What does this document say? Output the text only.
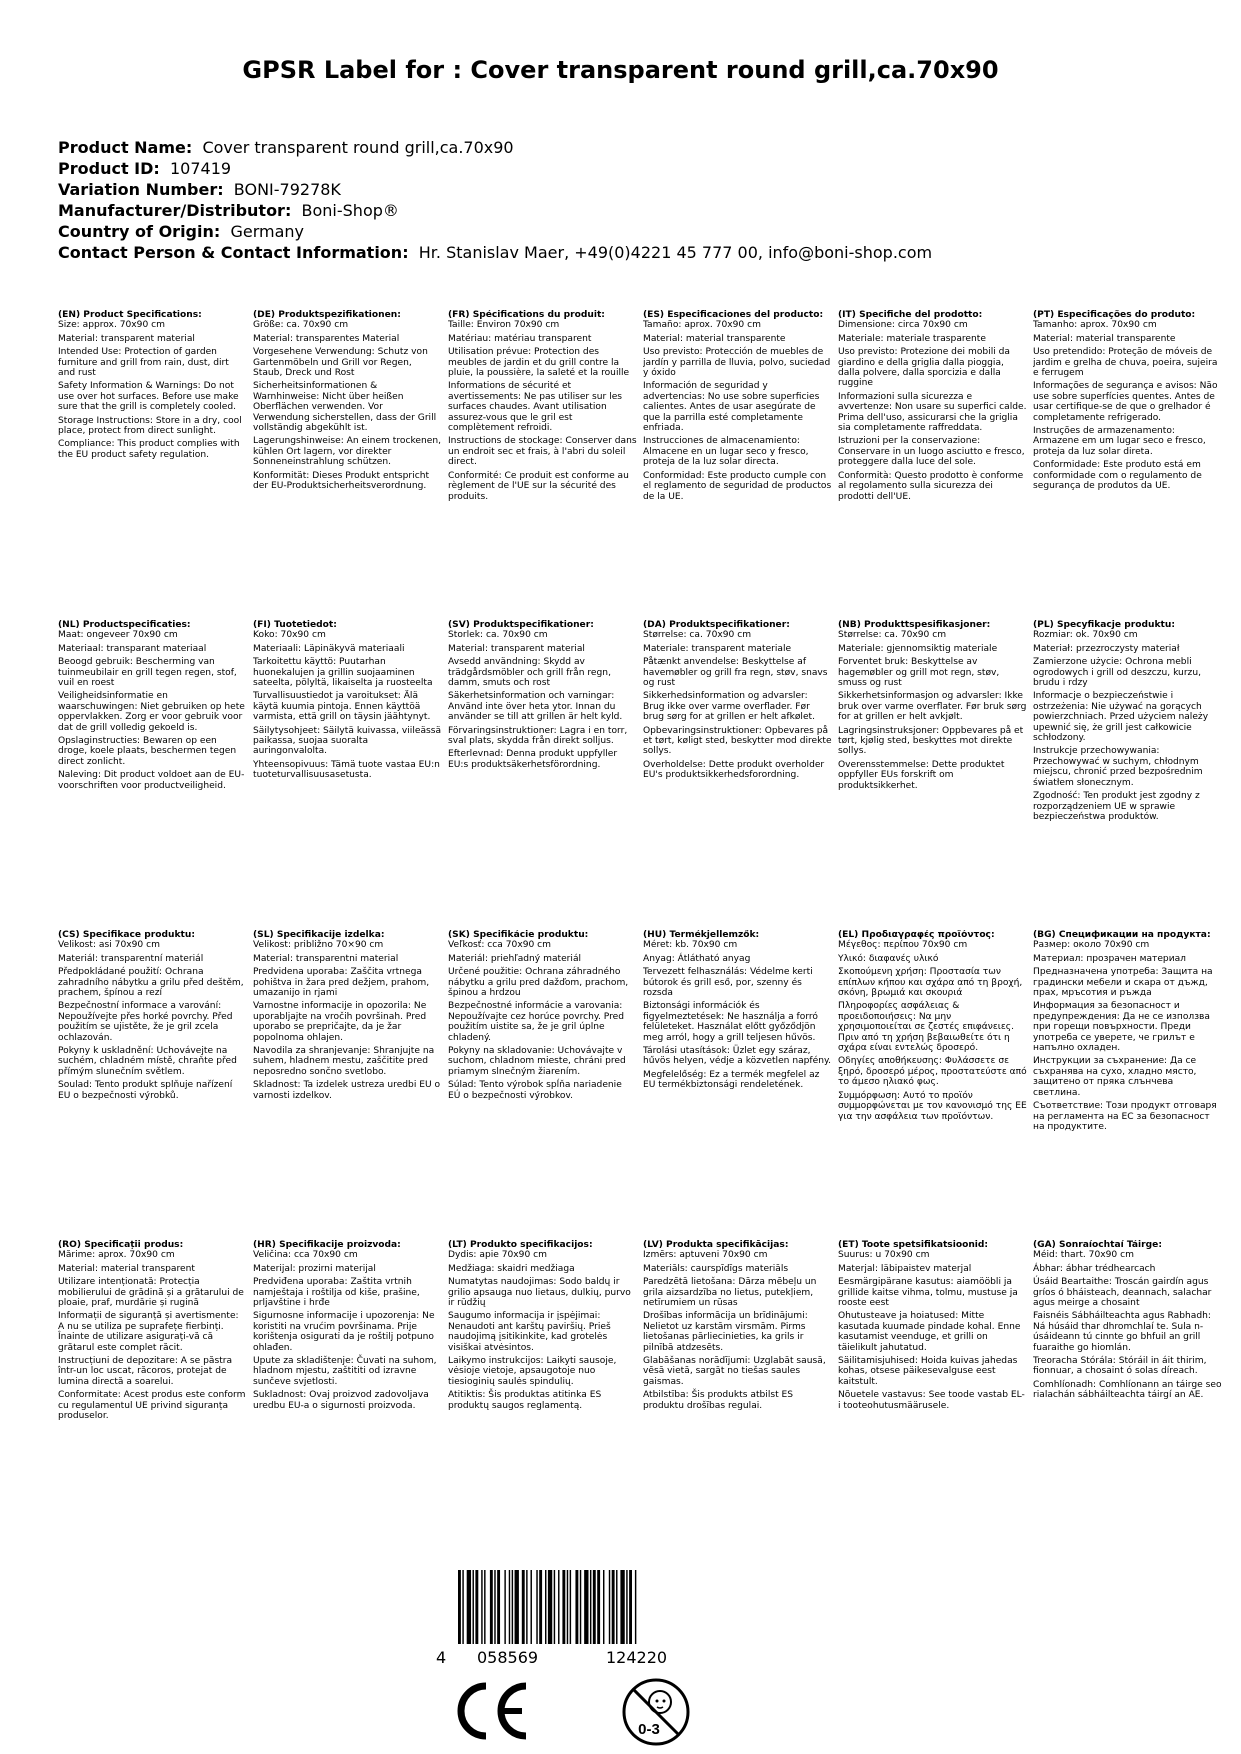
GPSR Label for : Cover transparent round grill,ca.70x90
Product Name: Cover transparent round grill,ca.70x90
Product ID: 107419
Variation Number: BONI-79278K
Manufacturer/Distributor: Boni-Shop®
Country of Origin: Germany
Contact Person & Contact Information: Hr. Stanislav Maer, +49(0)4221 45 777 00, info@boni-shop.com
(EN) Product Specifications:

Size: approx. 70x90 cm

Material: transparent material

Intended Use: Protection of garden furniture and grill from rain, dust, dirt and rust

Safety Information & Warnings: Do not use over hot surfaces. Before use make sure that the grill is completely cooled.

Storage Instructions: Store in a dry, cool place, protect from direct sunlight.

Compliance: This product complies with the EU product safety regulation.

(DE) Produktspezifikationen:

Größe: ca. 70x90 cm

Material: transparentes Material

Vorgesehene Verwendung: Schutz von Gartenmöbeln und Grill vor Regen, Staub, Dreck und Rost

Sicherheitsinformationen & Warnhinweise: Nicht über heißen Oberflächen verwenden. Vor Verwendung sicherstellen, dass der Grill vollständig abgekühlt ist.

Lagerungshinweise: An einem trockenen, kühlen Ort lagern, vor direkter Sonneneinstrahlung schützen.

Konformität: Dieses Produkt entspricht der EU-Produktsicherheitsverordnung.

(FR) Spécifications du produit:

Taille: Environ 70x90 cm

Matériau: matériau transparent

Utilisation prévue: Protection des meubles de jardin et du grill contre la pluie, la poussière, la saleté et la rouille

Informations de sécurité et avertissements: Ne pas utiliser sur les surfaces chaudes. Avant utilisation assurez-vous que le gril est complètement refroidi.

Instructions de stockage: Conserver dans un endroit sec et frais, à l'abri du soleil direct.

Conformité: Ce produit est conforme au règlement de l'UE sur la sécurité des produits.

(ES) Especificaciones del producto:

Tamaño: aprox. 70x90 cm

Material: material transparente

Uso previsto: Protección de muebles de jardín y parrilla de lluvia, polvo, suciedad y óxido

Información de seguridad y advertencias: No use sobre superficies calientes. Antes de usar asegúrate de que la parrilla esté completamente enfriada.

Instrucciones de almacenamiento: Almacene en un lugar seco y fresco, proteja de la luz solar directa.

Conformidad: Este producto cumple con el reglamento de seguridad de productos de la UE.

(IT) Specifiche del prodotto:

Dimensione: circa 70x90 cm

Materiale: materiale trasparente

Uso previsto: Protezione dei mobili da giardino e della griglia dalla pioggia, dalla polvere, dalla sporcizia e dalla ruggine

Informazioni sulla sicurezza e avvertenze: Non usare su superfici calde. Prima dell'uso, assicurarsi che la griglia sia completamente raffreddata.

Istruzioni per la conservazione: Conservare in un luogo asciutto e fresco, proteggere dalla luce del sole.

Conformità: Questo prodotto è conforme al regolamento sulla sicurezza dei prodotti dell'UE.

(PT) Especificações do produto:

Tamanho: aprox. 70x90 cm

Material: material transparente

Uso pretendido: Proteção de móveis de jardim e grelha de chuva, poeira, sujeira e ferrugem

Informações de segurança e avisos: Não use sobre superfícies quentes. Antes de usar certifique-se de que o grelhador é completamente refrigerado.

Instruções de armazenamento: Armazene em um lugar seco e fresco, proteja da luz solar direta.

Conformidade: Este produto está em conformidade com o regulamento de segurança de produtos da UE.

(NL) Productspecificaties:

Maat: ongeveer 70x90 cm

Materiaal: transparant materiaal

Beoogd gebruik: Bescherming van tuinmeubilair en grill tegen regen, stof, vuil en roest

Veiligheidsinformatie en waarschuwingen: Niet gebruiken op hete oppervlakken. Zorg er voor gebruik voor dat de grill volledig gekoeld is.

Opslaginstructies: Bewaren op een droge, koele plaats, beschermen tegen direct zonlicht.

Naleving: Dit product voldoet aan de EU-voorschriften voor productveiligheid.

(FI) Tuotetiedot:

Koko: 70x90 cm

Materiaali: Läpinäkyvä materiaali

Tarkoitettu käyttö: Puutarhan huonekalujen ja grillin suojaaminen sateelta, pölyltä, likaiselta ja ruosteelta

Turvallisuustiedot ja varoitukset: Älä käytä kuumia pintoja. Ennen käyttöä varmista, että grill on täysin jäähtynyt.

Säilytysohjeet: Säilytä kuivassa, viileässä paikassa, suojaa suoralta auringonvalolta.

Yhteensopivuus: Tämä tuote vastaa EU:n tuoteturvallisuusasetusta.

(SV) Produktspecifikationer:

Storlek: ca. 70x90 cm

Material: transparent material

Avsedd användning: Skydd av trädgårdsmöbler och grill från regn, damm, smuts och rost

Säkerhetsinformation och varningar: Använd inte över heta ytor. Innan du använder se till att grillen är helt kyld.

Förvaringsinstruktioner: Lagra i en torr, sval plats, skydda från direkt solljus.

Efterlevnad: Denna produkt uppfyller EU:s produktsäkerhetsförordning.

(DA) Produktspecifikationer:

Størrelse: ca. 70x90 cm

Materiale: transparent materiale

Påtænkt anvendelse: Beskyttelse af havemøbler og grill fra regn, støv, snavs og rust

Sikkerhedsinformation og advarsler: Brug ikke over varme overflader. Før brug sørg for at grillen er helt afkølet.

Opbevaringsinstruktioner: Opbevares på et tørt, køligt sted, beskytter mod direkte sollys.

Overholdelse: Dette produkt overholder EU's produktsikkerhedsforordning.

(NB) Produkttspesifikasjoner:

Størrelse: ca. 70x90 cm

Materiale: gjennomsiktig materiale

Forventet bruk: Beskyttelse av hagemøbler og grill mot regn, støv, smuss og rust

Sikkerhetsinformasjon og advarsler: Ikke bruk over varme overflater. Før bruk sørg for at grillen er helt avkjølt.

Lagringsinstruksjoner: Oppbevares på et tørt, kjølig sted, beskyttes mot direkte sollys.

Overensstemmelse: Dette produktet oppfyller EUs forskrift om produktsikkerhet.

(PL) Specyfikacje produktu:

Rozmiar: ok. 70x90 cm

Materiał: przezroczysty materiał

Zamierzone użycie: Ochrona mebli ogrodowych i grill od deszczu, kurzu, brudu i rdzy

Informacje o bezpieczeństwie i ostrzeżenia: Nie używać na gorących powierzchniach. Przed użyciem należy upewnić się, że grill jest całkowicie schłodzony.

Instrukcje przechowywania: Przechowywać w suchym, chłodnym miejscu, chronić przed bezpośrednim światłem słonecznym.

Zgodność: Ten produkt jest zgodny z rozporządzeniem UE w sprawie bezpieczeństwa produktów.

(CS) Specifikace produktu:

Velikost: asi 70x90 cm

Materiál: transparentní materiál

Předpokládané použití: Ochrana zahradního nábytku a grilu před deštěm, prachem, špínou a rezí

Bezpečnostní informace a varování: Nepoužívejte přes horké povrchy. Před použitím se ujistěte, že je gril zcela ochlazován.

Pokyny k uskladnění: Uchovávejte na suchém, chladném místě, chraňte před přímým slunečním světlem.

Soulad: Tento produkt splňuje nařízení EU o bezpečnosti výrobků.

(SL) Specifikacije izdelka:

Velikost: približno 70×90 cm

Material: transparentni material

Predvidena uporaba: Zaščita vrtnega pohištva in žara pred dežjem, prahom, umazanijo in rjami

Varnostne informacije in opozorila: Ne uporabljajte na vročih površinah. Pred uporabo se prepričajte, da je žar popolnoma ohlajen.

Navodila za shranjevanje: Shranjujte na suhem, hladnem mestu, zaščitite pred neposredno sončno svetlobo.

Skladnost: Ta izdelek ustreza uredbi EU o varnosti izdelkov.

(SK) Špecifikácie produktu:

Veľkosť: cca 70x90 cm

Materiál: priehľadný materiál

Určené použitie: Ochrana záhradného nábytku a grilu pred dažďom, prachom, špinou a hrdzou

Bezpečnostné informácie a varovania: Nepoužívajte cez horúce povrchy. Pred použitím uistite sa, že je gril úplne chladený.

Pokyny na skladovanie: Uchovávajte v suchom, chladnom mieste, chráni pred priamym slnečným žiarením.

Súlad: Tento výrobok spĺňa nariadenie EÚ o bezpečnosti výrobkov.

(HU) Termékjellemzők:

Méret: kb. 70x90 cm

Anyag: Átlátható anyag

Tervezett felhasználás: Védelme kerti bútorok és grill eső, por, szenny és rozsda

Biztonsági információk és figyelmeztetések: Ne használja a forró felületeket. Használat előtt győződjön meg arról, hogy a grill teljesen hűvös.

Tárolási utasítások: Üzlet egy száraz, hűvös helyen, védje a közvetlen napfény.

Megfelelőség: Ez a termék megfelel az EU termékbiztonsági rendeletének.

(EL) Προδιαγραφές προϊόντος:

Μέγεθος: περίπου 70x90 cm

Υλικό: διαφανές υλικό

Σκοπούμενη χρήση: Προστασία των επίπλων κήπου και σχάρα από τη βροχή, σκόνη, βρωμιά και σκουριά

Πληροφορίες ασφάλειας & προειδοποιήσεις: Να μην χρησιμοποιείται σε ζεστές επιφάνειες. Πριν από τη χρήση βεβαιωθείτε ότι η σχάρα είναι εντελώς δροσερό.

Οδηγίες αποθήκευσης: Φυλάσσετε σε ξηρό, δροσερό μέρος, προστατεύστε από το άμεσο ηλιακό φως.

Συμμόρφωση: Αυτό το προϊόν συμμορφώνεται με τον κανονισμό της ΕΕ για την ασφάλεια των προϊόντων.

(BG) Спецификации на продукта:

Размер: около 70x90 cm

Материал: прозрачен материал

Предназначена употреба: Защита на градински мебели и скара от дъжд, прах, мръсотия и ръжда

Информация за безопасност и предупреждения: Да не се използва при горещи повърхности. Преди употреба се уверете, че грилът е напълно охладен.

Инструкции за съхранение: Да се съхранява на сухо, хладно място, защитено от пряка слънчева светлина.

Съответствие: Този продукт отговаря на регламента на ЕС за безопасност на продуктите.

(RO) Specificații produs:

Mărime: aprox. 70x90 cm

Material: material transparent

Utilizare intenționată: Protecția mobilierului de grădină și a grătarului de ploaie, praf, murdărie și rugină

Informații de siguranță și avertismente: A nu se utiliza pe suprafețe fierbinți. Înainte de utilizare asigurați-vă că grătarul este complet răcit.

Instrucțiuni de depozitare: A se păstra într-un loc uscat, răcoros, protejat de lumina directă a soarelui.

Conformitate: Acest produs este conform cu regulamentul UE privind siguranța produselor.

(HR) Specifikacije proizvoda:

Veličina: cca 70x90 cm

Materijal: prozirni materijal

Predviđena uporaba: Zaštita vrtnih namještaja i roštilja od kiše, prašine, prljavštine i hrđe

Sigurnosne informacije i upozorenja: Ne koristiti na vrućim površinama. Prije korištenja osigurati da je roštilj potpuno ohlađen.

Upute za skladištenje: Čuvati na suhom, hladnom mjestu, zaštititi od izravne sunčeve svjetlosti.

Sukladnost: Ovaj proizvod zadovoljava uredbu EU-a o sigurnosti proizvoda.

(LT) Produkto specifikacijos:

Dydis: apie 70x90 cm

Medžiaga: skaidri medžiaga

Numatytas naudojimas: Sodo baldų ir grilio apsauga nuo lietaus, dulkių, purvo ir rūdžių

Saugumo informacija ir įspėjimai: Nenaudoti ant karštų paviršių. Prieš naudojimą įsitikinkite, kad grotelės visiškai atvėsintos.

Laikymo instrukcijos: Laikyti sausoje, vėsioje vietoje, apsaugotoje nuo tiesioginių saulės spindulių.

Atitiktis: Šis produktas atitinka ES produktų saugos reglamentą.

(LV) Produkta specifikācijas:

Izmērs: aptuveni 70x90 cm

Materiāls: caurspīdīgs materiāls

Paredzētā lietošana: Dārza mēbeļu un grila aizsardzība no lietus, putekļiem, netīrumiem un rūsas

Drošības informācija un brīdinājumi: Nelietot uz karstām virsmām. Pirms lietošanas pārliecinieties, ka grils ir pilnībā atdzesēts.

Glabāšanas norādījumi: Uzglabāt sausā, vēsā vietā, sargāt no tiešas saules gaismas.

Atbilstība: Šis produkts atbilst ES produktu drošības regulai.

(ET) Toote spetsifikatsioonid:

Suurus: u 70x90 cm

Materjal: läbipaistev materjal

Eesmärgipärane kasutus: aiamööbli ja grillide kaitse vihma, tolmu, mustuse ja rooste eest

Ohutusteave ja hoiatused: Mitte kasutada kuumade pindade kohal. Enne kasutamist veenduge, et grilli on täielikult jahutatud.

Säilitamisjuhised: Hoida kuivas jahedas kohas, otsese päikesevalguse eest kaitstult.

Nõuetele vastavus: See toode vastab EL-i tooteohutusmäärusele.

(GA) Sonraíochtaí Táirge:

Méid: thart. 70x90 cm

Ábhar: ábhar trédhearcach

Úsáid Beartaithe: Troscán gairdín agus gríos ó bháisteach, deannach, salachar agus meirge a chosaint

Faisnéis Sábháilteachta agus Rabhadh: Ná húsáid thar dhromchlaí te. Sula n-úsáideann tú cinnte go bhfuil an grill fuaraithe go hiomlán.

Treoracha Stórála: Stóráil in áit thirim, fionnuar, a chosaint ó solas díreach.

Comhlíonadh: Comhlíonann an táirge seo rialachán sábháilteachta táirgí an AE.

4 058569	124220
0-3
